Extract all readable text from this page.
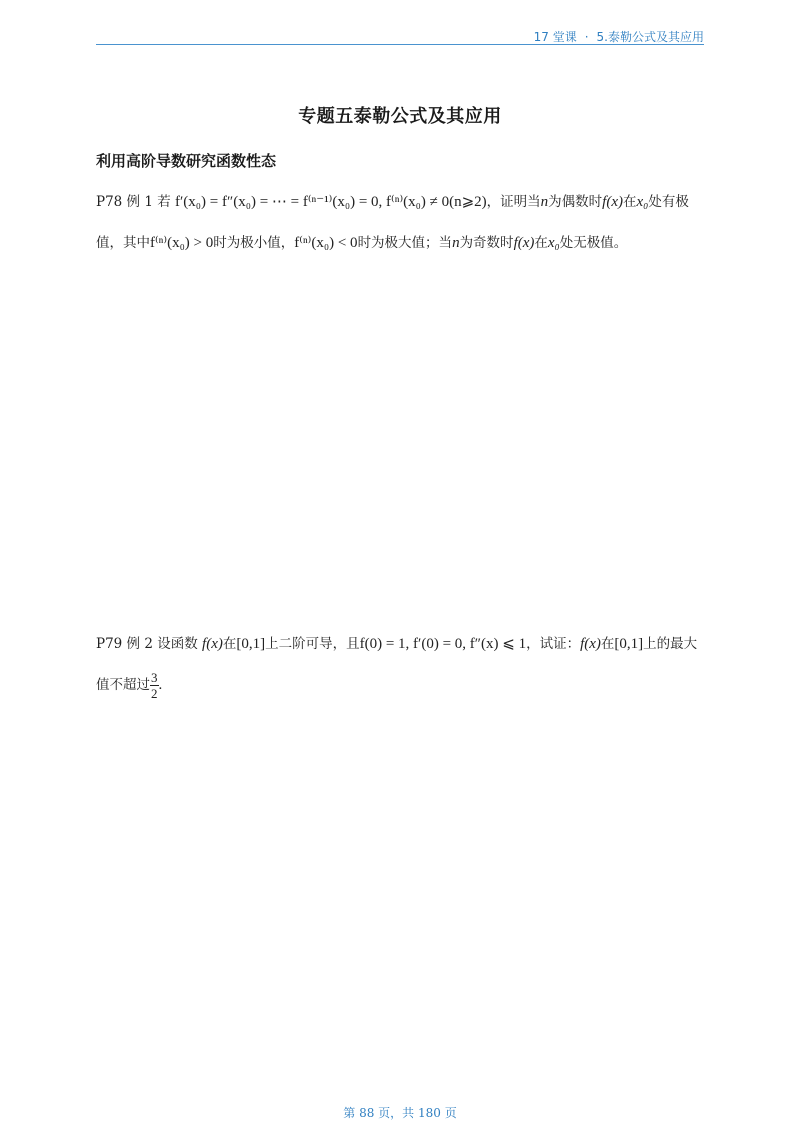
17 堂课 · 5.泰勒公式及其应用
专题五泰勒公式及其应用
利用高阶导数研究函数性态
P78 例 1 若 f′(x₀) = f″(x₀) = ⋯ = f⁽ⁿ⁻¹⁾(x₀) = 0, f⁽ⁿ⁾(x₀) ≠ 0(n⩾2)，证明当n为偶数时f(x)在x₀处有极值，其中f⁽ⁿ⁾(x₀) > 0时为极小值，f⁽ⁿ⁾(x₀) < 0时为极大值；当n为奇数时f(x)在x₀处无极值。
P79 例 2 设函数 f(x)在[0,1]上二阶可导，且f(0) = 1, f′(0) = 0, f″(x) ⩽ 1，试证：f(x)在[0,1]上的最大值不超过 $\frac{3}{2}$ .
第 88 页，共 180 页
